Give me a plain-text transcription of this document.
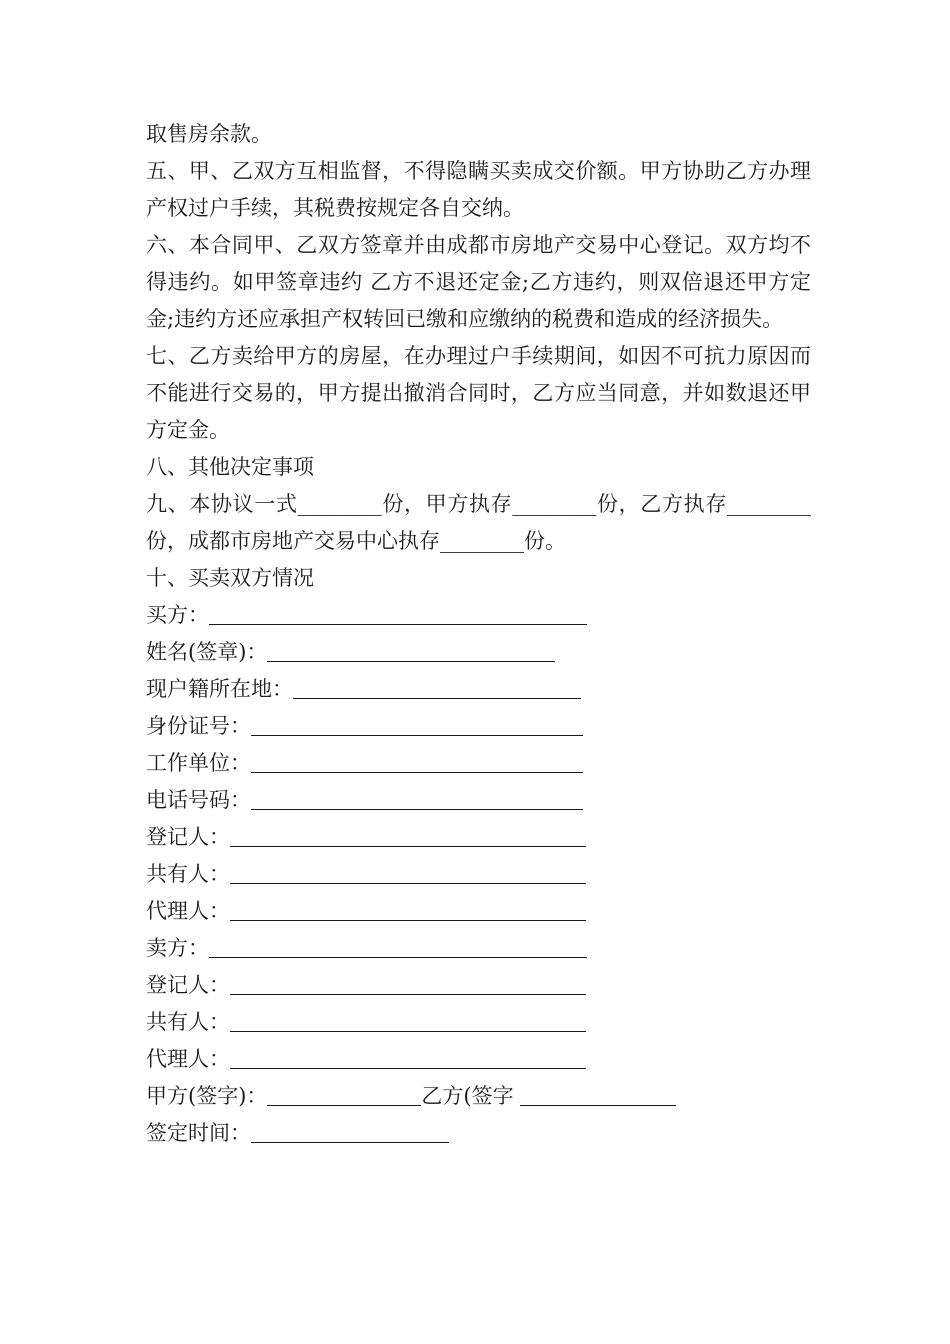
取售房余款。

五、甲、乙双方互相监督，不得隐瞒买卖成交价额。甲方协助乙方办理产权过户手续，其税费按规定各自交纳。

六、本合同甲、乙双方签章并由成都市房地产交易中心登记。双方均不得违约。如甲签章违约 乙方不退还定金;乙方违约，则双倍退还甲方定金;违约方还应承担产权转回已缴和应缴纳的税费和造成的经济损失。

七、乙方卖给甲方的房屋，在办理过户手续期间，如因不可抗力原因而不能进行交易的，甲方提出撤消合同时，乙方应当同意，并如数退还甲方定金。

八、其他决定事项

九、本协议一式________份，甲方执存________份，乙方执存________份，成都市房地产交易中心执存________份。

十、买卖双方情况

买方：
姓名(签章)：
现户籍所在地：
身份证号：
工作单位：
电话号码：
登记人：
共有人：
代理人：
卖方：
登记人：
共有人：
代理人：
甲方(签字)：	乙方(签字
签定时间：
